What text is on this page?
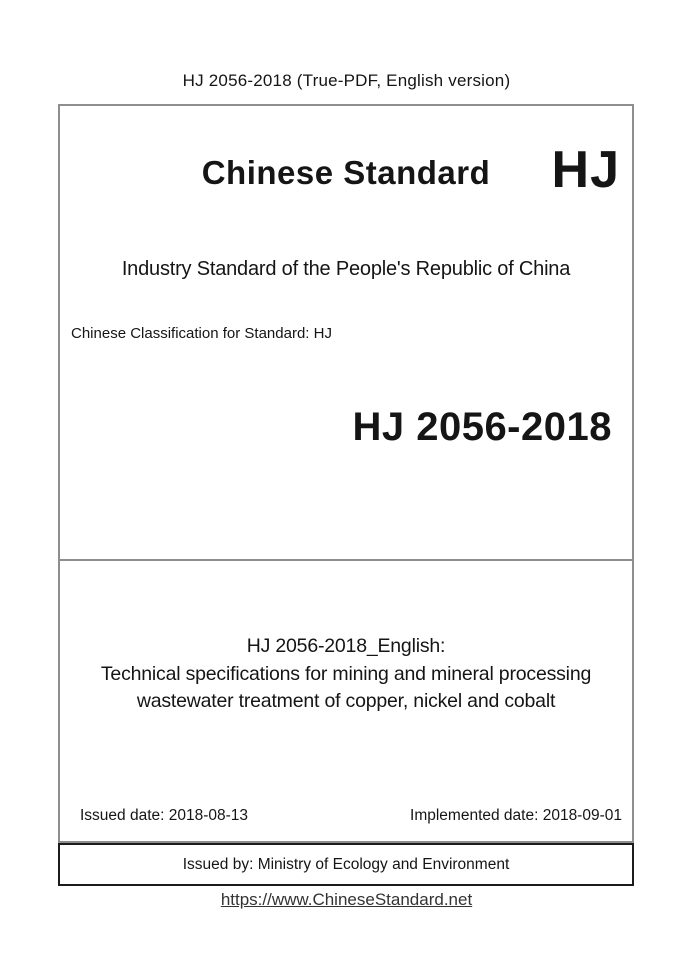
HJ 2056-2018 (True-PDF, English version)
Chinese Standard	HJ
Industry Standard of the People's Republic of China
Chinese Classification for Standard: HJ
HJ 2056-2018
HJ 2056-2018_English:
Technical specifications for mining and mineral processing
wastewater treatment of copper, nickel and cobalt
Issued date: 2018-08-13	Implemented date: 2018-09-01
Issued by: Ministry of Ecology and Environment
https://www.ChineseStandard.net
